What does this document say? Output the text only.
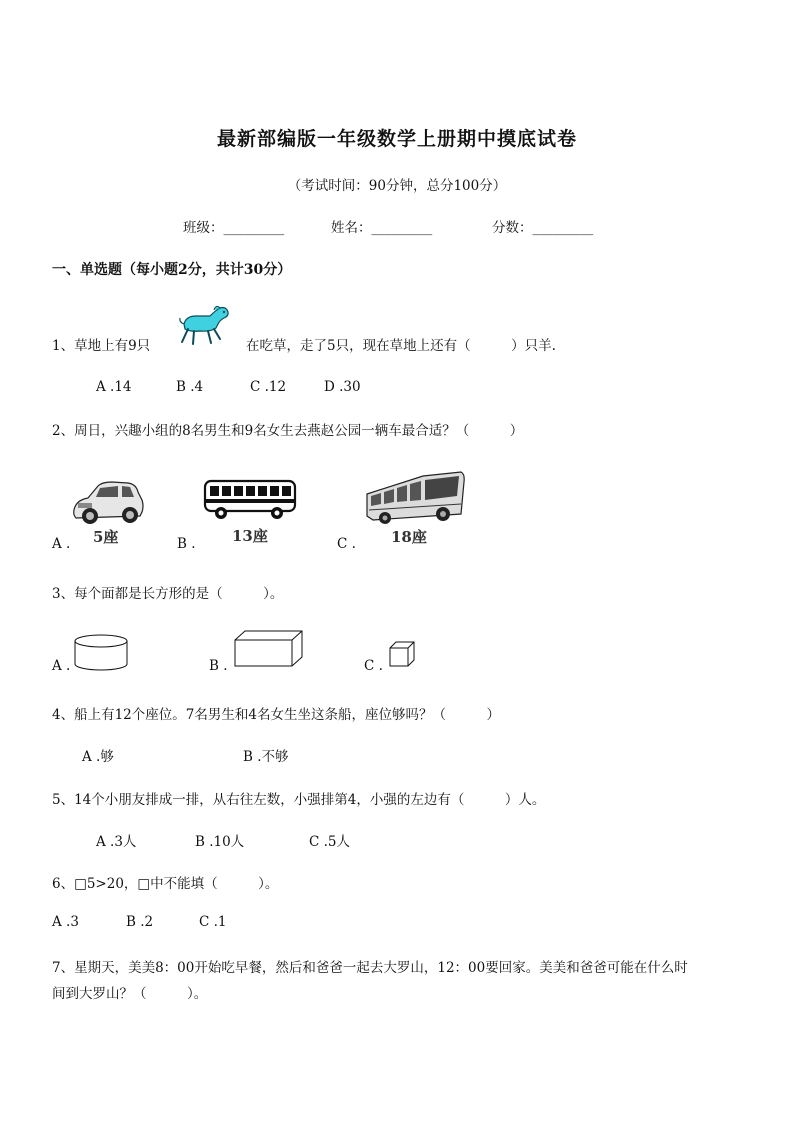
最新部编版一年级数学上册期中摸底试卷
（考试时间：90分钟，总分100分）
班级：_________	姓名：_________	分数：_________
一、单选题（每小题2分，共计30分）
1、草地上有9只	在吃草，走了5只，现在草地上还有（　　　）只羊.
A .14	B .4	C .12	D .30
2、周日，兴趣小组的8名男生和9名女生去燕赵公园一辆车最合适？（　　　）
A . 5座	B . 13座	C . 18座
3、每个面都是长方形的是（　　　）。
A .	B .	C .
4、船上有12个座位。7名男生和4名女生坐这条船，座位够吗？（　　　）
A .够	B .不够
5、14个小朋友排成一排，从右往左数，小强排第4，小强的左边有（　　　）人。
A .3人	B .10人	C .5人
6、□5>20，□中不能填（　　　）。
A .3	B .2	C .1
7、星期天，美美8：00开始吃早餐，然后和爸爸一起去大罗山，12：00要回家。美美和爸爸可能在什么时
间到大罗山？（　　　）。
